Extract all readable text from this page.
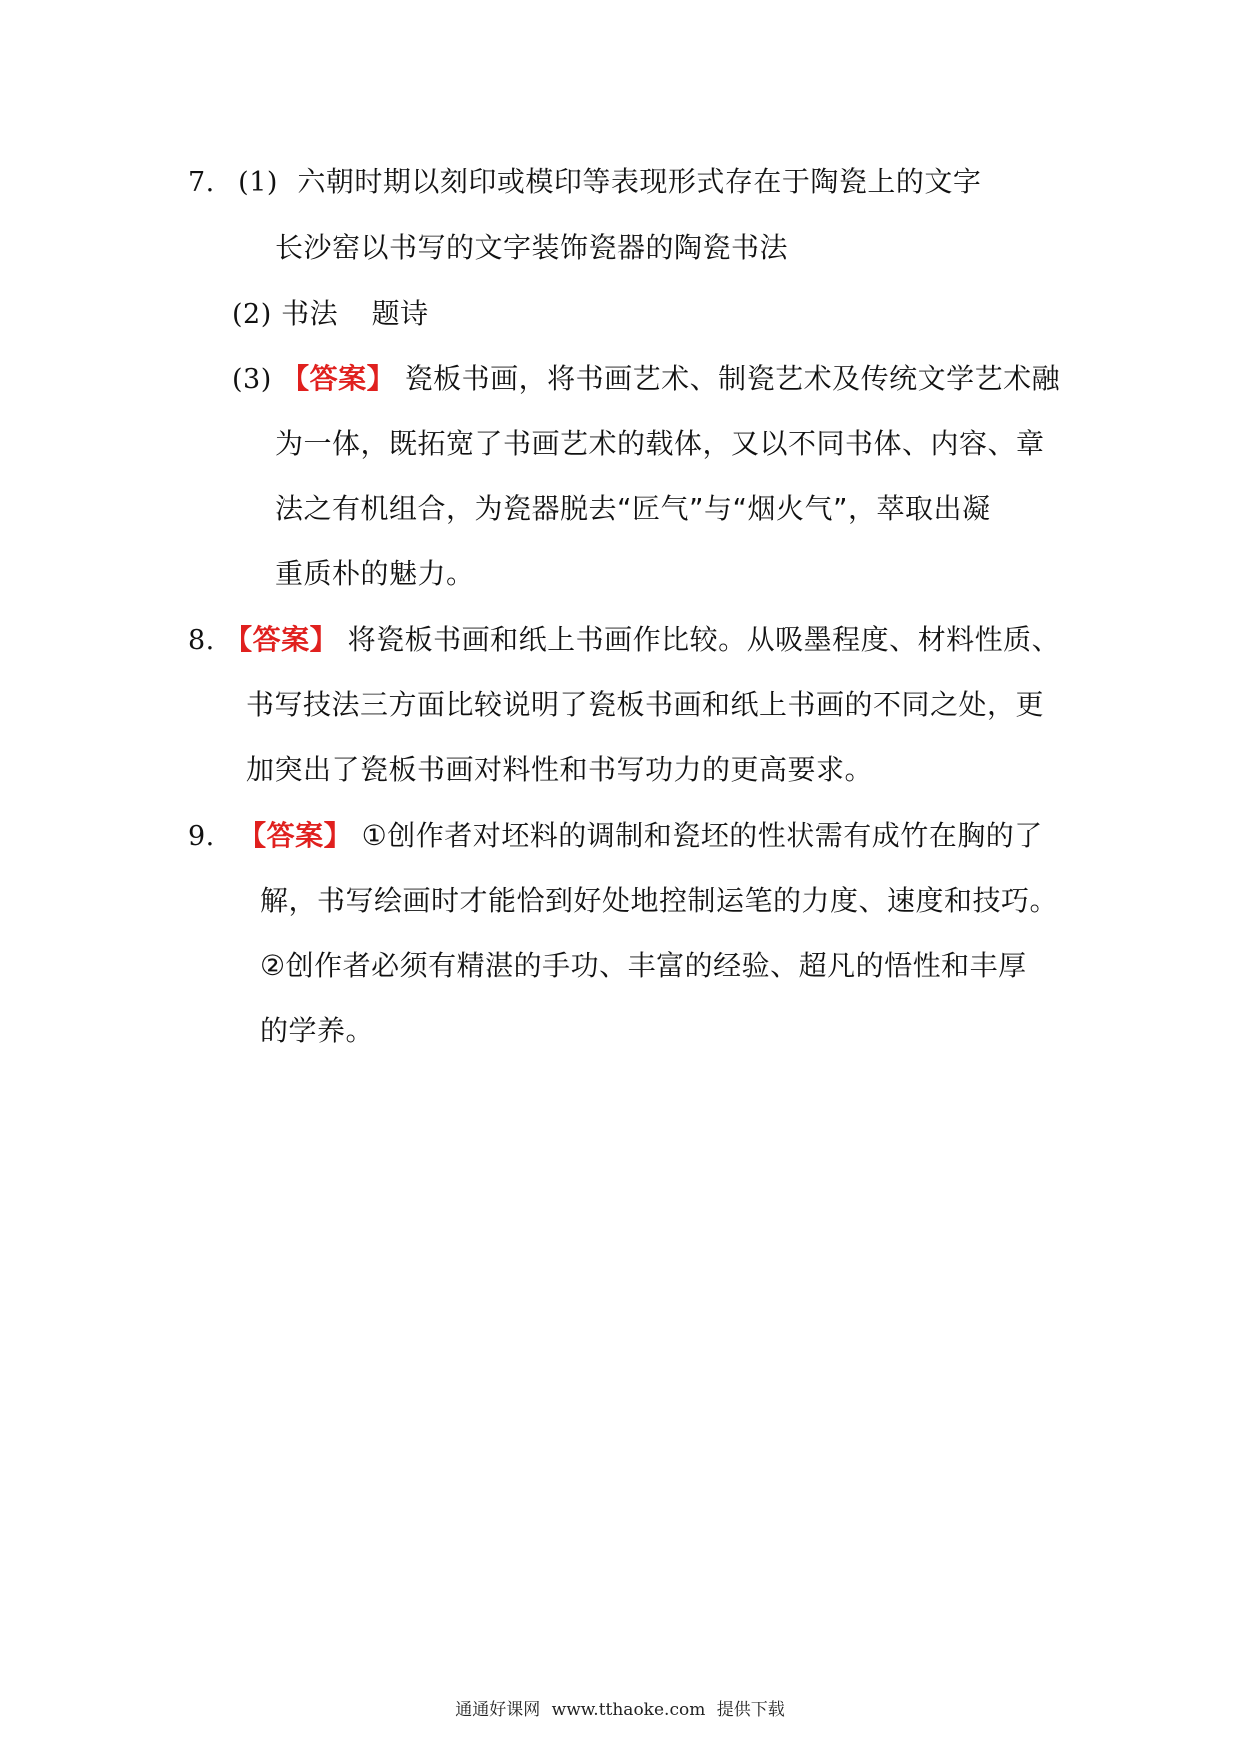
7. (1) 六朝时期以刻印或模印等表现形式存在于陶瓷上的文字
长沙窑以书写的文字装饰瓷器的陶瓷书法
(2) 书法 题诗
(3) 【答案】 瓷板书画，将书画艺术、制瓷艺术及传统文学艺术融
为一体，既拓宽了书画艺术的载体，又以不同书体、内容、章
法之有机组合，为瓷器脱去“匠气”与“烟火气”，萃取出凝
重质朴的魅力。
8. 【答案】 将瓷板书画和纸上书画作比较。从吸墨程度、材料性质、
书写技法三方面比较说明了瓷板书画和纸上书画的不同之处，更
加突出了瓷板书画对料性和书写功力的更高要求。
9. 【答案】 ①创作者对坯料的调制和瓷坯的性状需有成竹在胸的了
解，书写绘画时才能恰到好处地控制运笔的力度、速度和技巧。
②创作者必须有精湛的手功、丰富的经验、超凡的悟性和丰厚
的学养。
通通好课网 www.tthaoke.com 提供下载
